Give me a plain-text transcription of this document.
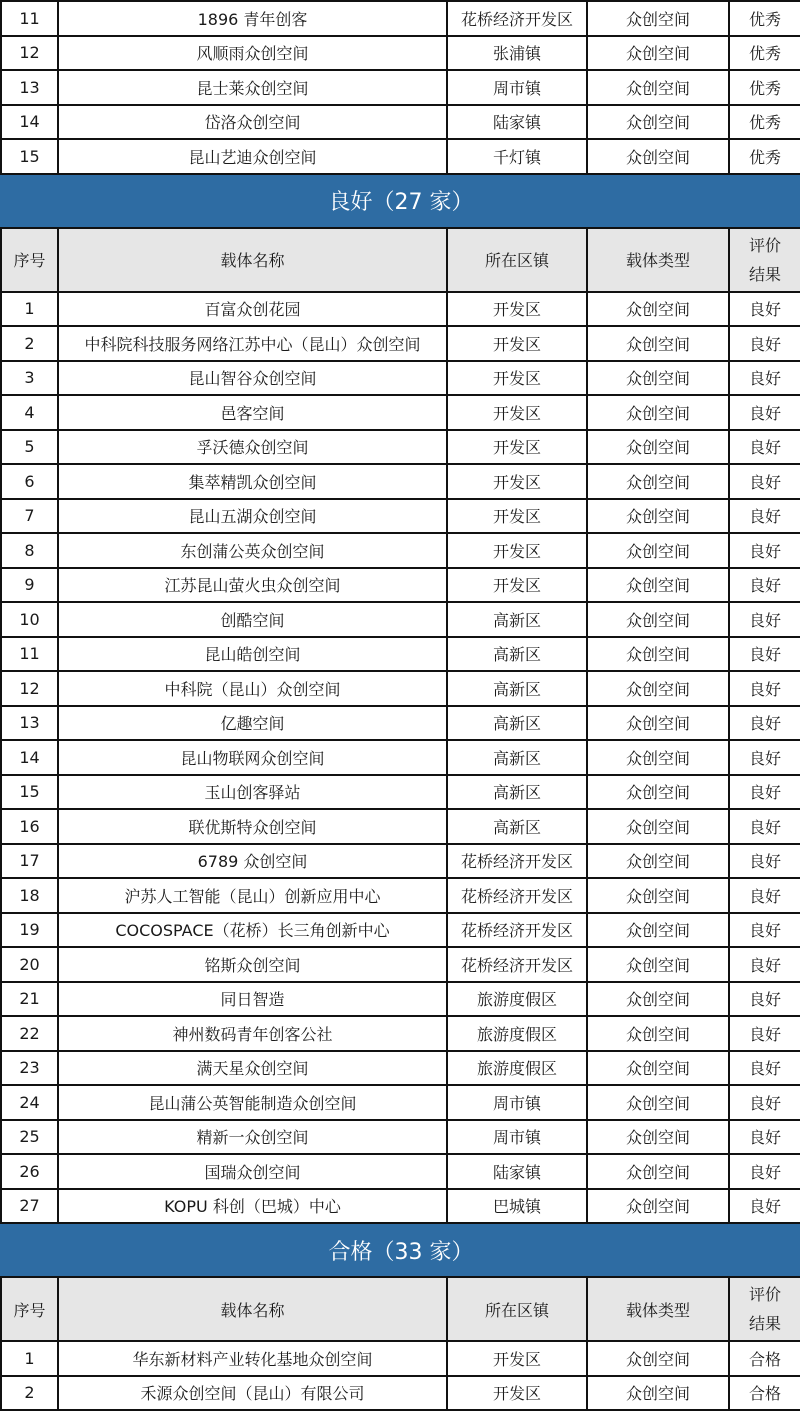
11	1896 青年创客	花桥经济开发区	众创空间	优秀
12	风顺雨众创空间	张浦镇	众创空间	优秀
13	昆士莱众创空间	周市镇	众创空间	优秀
14	岱洛众创空间	陆家镇	众创空间	优秀
15	昆山艺迪众创空间	千灯镇	众创空间	优秀
良好（27 家）				
序号	载体名称	所在区镇	载体类型	评价
结果
1	百富众创花园	开发区	众创空间	良好
2	中科院科技服务网络江苏中心（昆山）众创空间	开发区	众创空间	良好
3	昆山智谷众创空间	开发区	众创空间	良好
4	邑客空间	开发区	众创空间	良好
5	孚沃德众创空间	开发区	众创空间	良好
6	集萃精凯众创空间	开发区	众创空间	良好
7	昆山五湖众创空间	开发区	众创空间	良好
8	东创蒲公英众创空间	开发区	众创空间	良好
9	江苏昆山萤火虫众创空间	开发区	众创空间	良好
10	创酷空间	高新区	众创空间	良好
11	昆山皓创空间	高新区	众创空间	良好
12	中科院（昆山）众创空间	高新区	众创空间	良好
13	亿趣空间	高新区	众创空间	良好
14	昆山物联网众创空间	高新区	众创空间	良好
15	玉山创客驿站	高新区	众创空间	良好
16	联优斯特众创空间	高新区	众创空间	良好
17	6789 众创空间	花桥经济开发区	众创空间	良好
18	沪苏人工智能（昆山）创新应用中心	花桥经济开发区	众创空间	良好
19	COCOSPACE（花桥）长三角创新中心	花桥经济开发区	众创空间	良好
20	铭斯众创空间	花桥经济开发区	众创空间	良好
21	同日智造	旅游度假区	众创空间	良好
22	神州数码青年创客公社	旅游度假区	众创空间	良好
23	满天星众创空间	旅游度假区	众创空间	良好
24	昆山蒲公英智能制造众创空间	周市镇	众创空间	良好
25	精新一众创空间	周市镇	众创空间	良好
26	国瑞众创空间	陆家镇	众创空间	良好
27	KOPU 科创（巴城）中心	巴城镇	众创空间	良好
合格（33 家）				
序号	载体名称	所在区镇	载体类型	评价
结果
1	华东新材料产业转化基地众创空间	开发区	众创空间	合格
2	禾源众创空间（昆山）有限公司	开发区	众创空间	合格
